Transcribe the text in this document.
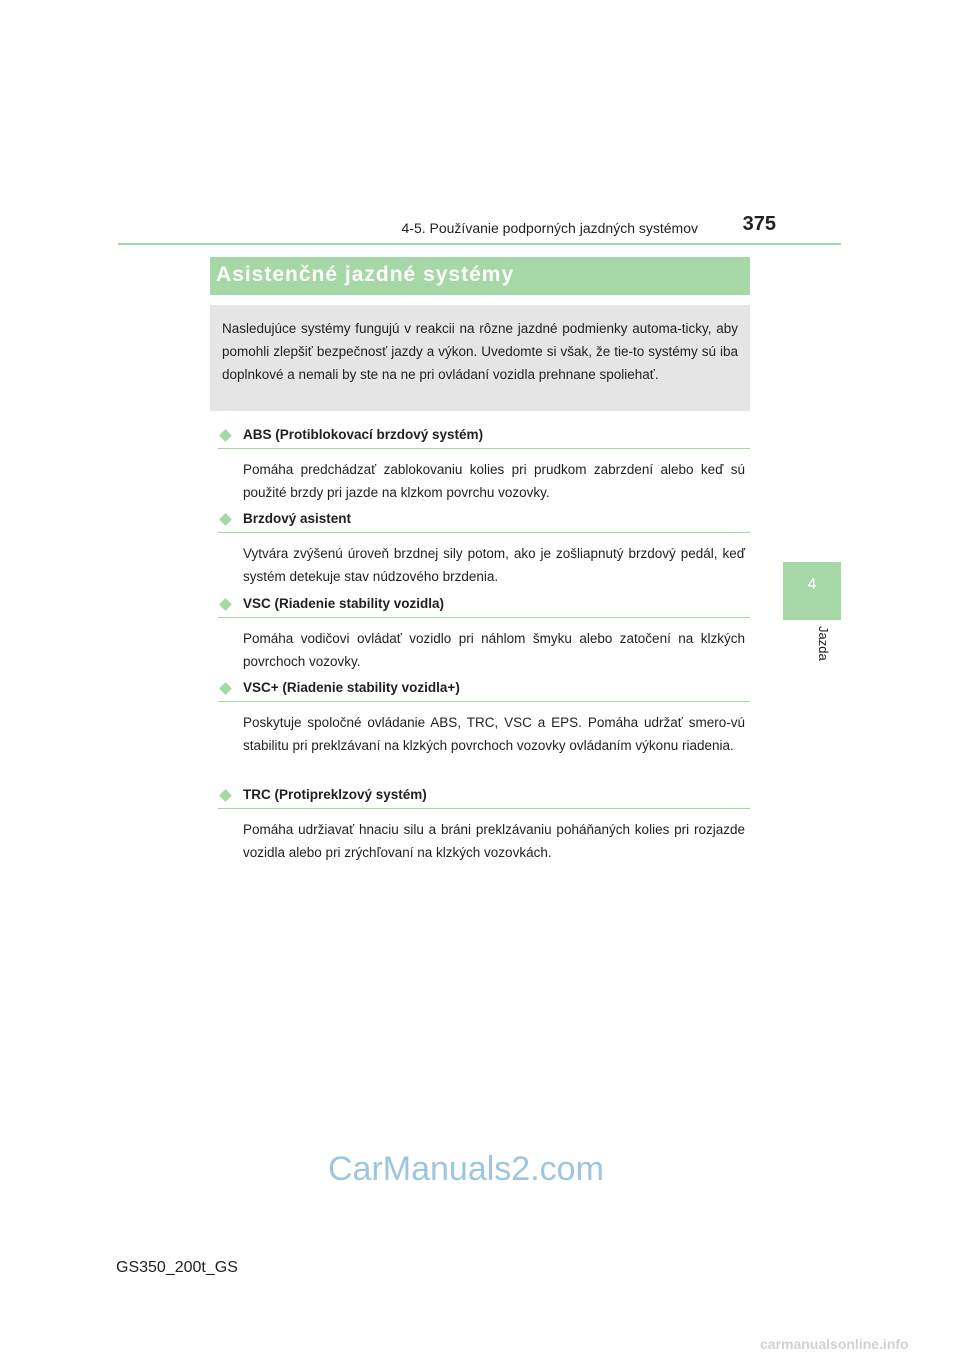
4-5. Používanie podporných jazdných systémov	375
4
Jazda
Asistenčné jazdné systémy
Nasledujúce systémy fungujú v reakcii na rôzne jazdné podmienky automa-ticky, aby pomohli zlepšiť bezpečnosť jazdy a výkon. Uvedomte si však, že tie-to systémy sú iba doplnkové a nemali by ste na ne pri ovládaní vozidla prehnane spoliehať.
ABS (Protiblokovací brzdový systém)
Pomáha predchádzať zablokovaniu kolies pri prudkom zabrzdení alebo keď sú použité brzdy pri jazde na klzkom povrchu vozovky.
Brzdový asistent
Vytvára zvýšenú úroveň brzdnej sily potom, ako je zošliapnutý brzdový pedál, keď systém detekuje stav núdzového brzdenia.
VSC (Riadenie stability vozidla)
Pomáha vodičovi ovládať vozidlo pri náhlom šmyku alebo zatočení na klzkých povrchoch vozovky.
VSC+ (Riadenie stability vozidla+)
Poskytuje spoločné ovládanie ABS, TRC, VSC a EPS. Pomáha udržať smero-vú stabilitu pri preklzávaní na klzkých povrchoch vozovky ovládaním výkonu riadenia.
TRC (Protipreklzový systém)
Pomáha udržiavať hnaciu silu a bráni preklzávaniu poháňaných kolies pri rozjazde vozidla alebo pri zrýchľovaní na klzkých vozovkách.
CarManuals2.com
GS350_200t_GS
carmanualsonline.info
